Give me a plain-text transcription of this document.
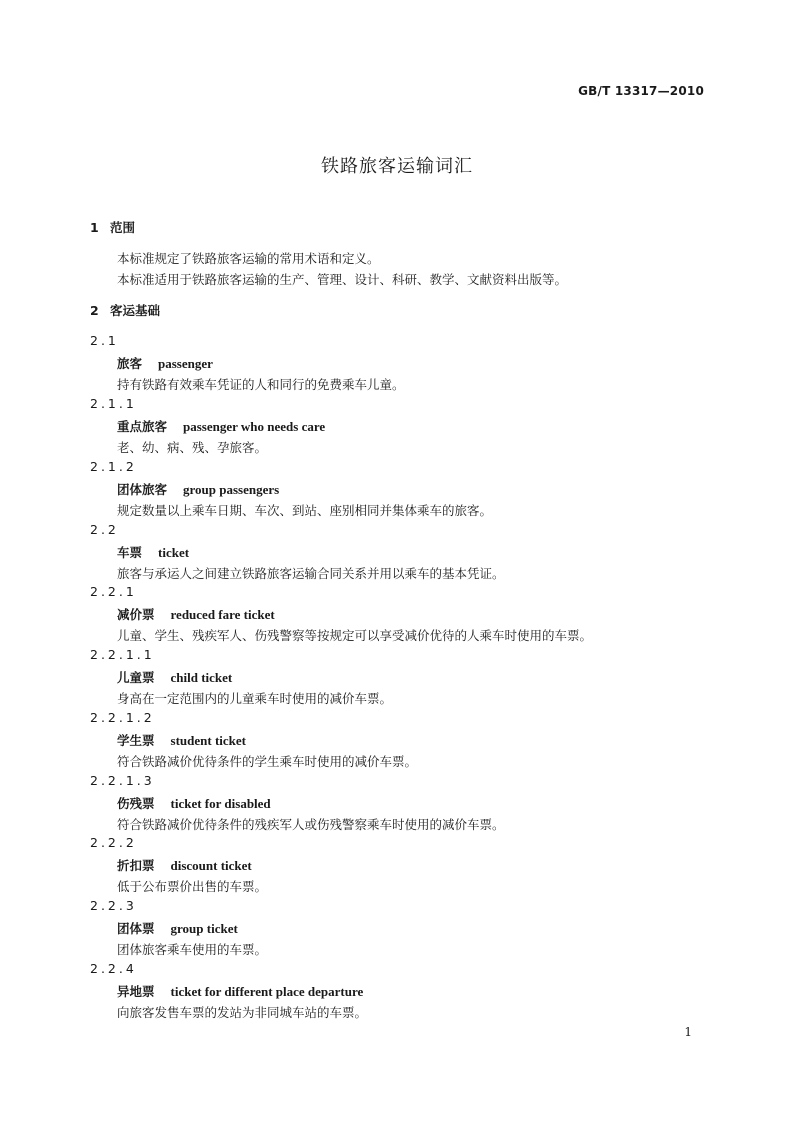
GB/T 13317—2010
铁路旅客运输词汇
1 范围
本标准规定了铁路旅客运输的常用术语和定义。
本标准适用于铁路旅客运输的生产、管理、设计、科研、教学、文献资料出版等。
2 客运基础
2.1
旅客 passenger
持有铁路有效乘车凭证的人和同行的免费乘车儿童。
2.1.1
重点旅客 passenger who needs care
老、幼、病、残、孕旅客。
2.1.2
团体旅客 group passengers
规定数量以上乘车日期、车次、到站、座别相同并集体乘车的旅客。
2.2
车票 ticket
旅客与承运人之间建立铁路旅客运输合同关系并用以乘车的基本凭证。
2.2.1
减价票 reduced fare ticket
儿童、学生、残疾军人、伤残警察等按规定可以享受减价优待的人乘车时使用的车票。
2.2.1.1
儿童票 child ticket
身高在一定范围内的儿童乘车时使用的减价车票。
2.2.1.2
学生票 student ticket
符合铁路减价优待条件的学生乘车时使用的减价车票。
2.2.1.3
伤残票 ticket for disabled
符合铁路减价优待条件的残疾军人或伤残警察乘车时使用的减价车票。
2.2.2
折扣票 discount ticket
低于公布票价出售的车票。
2.2.3
团体票 group ticket
团体旅客乘车使用的车票。
2.2.4
异地票 ticket for different place departure
向旅客发售车票的发站为非同城车站的车票。
1
